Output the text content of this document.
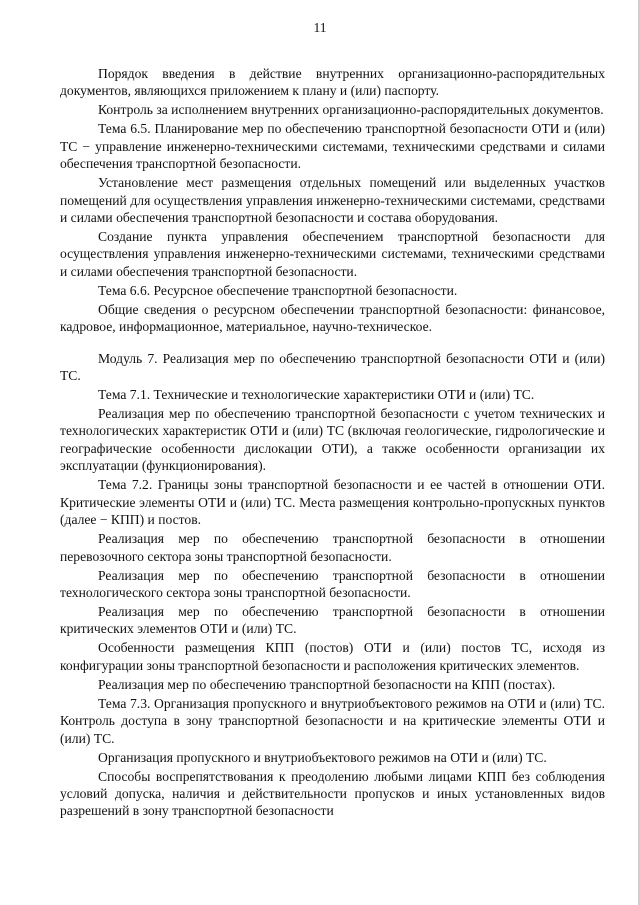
11

Порядок введения в действие внутренних организационно-распорядительных документов, являющихся приложением к плану и (или) паспорту.

Контроль за исполнением внутренних организационно-распорядительных документов.

Тема 6.5. Планирование мер по обеспечению транспортной безопасности ОТИ и (или) ТС − управление инженерно-техническими системами, техническими средствами и силами обеспечения транспортной безопасности.

Установление мест размещения отдельных помещений или выделенных участков помещений для осуществления управления инженерно-техническими системами, средствами и силами обеспечения транспортной безопасности и состава оборудования.

Создание пункта управления обеспечением транспортной безопасности для осуществления управления инженерно-техническими системами, техническими средствами и силами обеспечения транспортной безопасности.

Тема 6.6. Ресурсное обеспечение транспортной безопасности.

Общие сведения о ресурсном обеспечении транспортной безопасности: финансовое, кадровое, информационное, материальное, научно-техническое.

Модуль 7. Реализация мер по обеспечению транспортной безопасности ОТИ и (или) ТС.

Тема 7.1. Технические и технологические характеристики ОТИ и (или) ТС.

Реализация мер по обеспечению транспортной безопасности с учетом технических и технологических характеристик ОТИ и (или) ТС (включая геологические, гидрологические и географические особенности дислокации ОТИ), а также особенности организации их эксплуатации (функционирования).

Тема 7.2. Границы зоны транспортной безопасности и ее частей в отношении ОТИ. Критические элементы ОТИ и (или) ТС. Места размещения контрольно-пропускных пунктов (далее − КПП) и постов.

Реализация мер по обеспечению транспортной безопасности в отношении перевозочного сектора зоны транспортной безопасности.

Реализация мер по обеспечению транспортной безопасности в отношении технологического сектора зоны транспортной безопасности.

Реализация мер по обеспечению транспортной безопасности в отношении критических элементов ОТИ и (или) ТС.

Особенности размещения КПП (постов) ОТИ и (или) постов ТС, исходя из конфигурации зоны транспортной безопасности и расположения критических элементов.

Реализация мер по обеспечению транспортной безопасности на КПП (постах).

Тема 7.3. Организация пропускного и внутриобъектового режимов на ОТИ и (или) ТС. Контроль доступа в зону транспортной безопасности и на критические элементы ОТИ и (или) ТС.

Организация пропускного и внутриобъектового режимов на ОТИ и (или) ТС.

Способы воспрепятствования к преодолению любыми лицами КПП без соблюдения условий допуска, наличия и действительности пропусков и иных установленных видов разрешений в зону транспортной безопасности
